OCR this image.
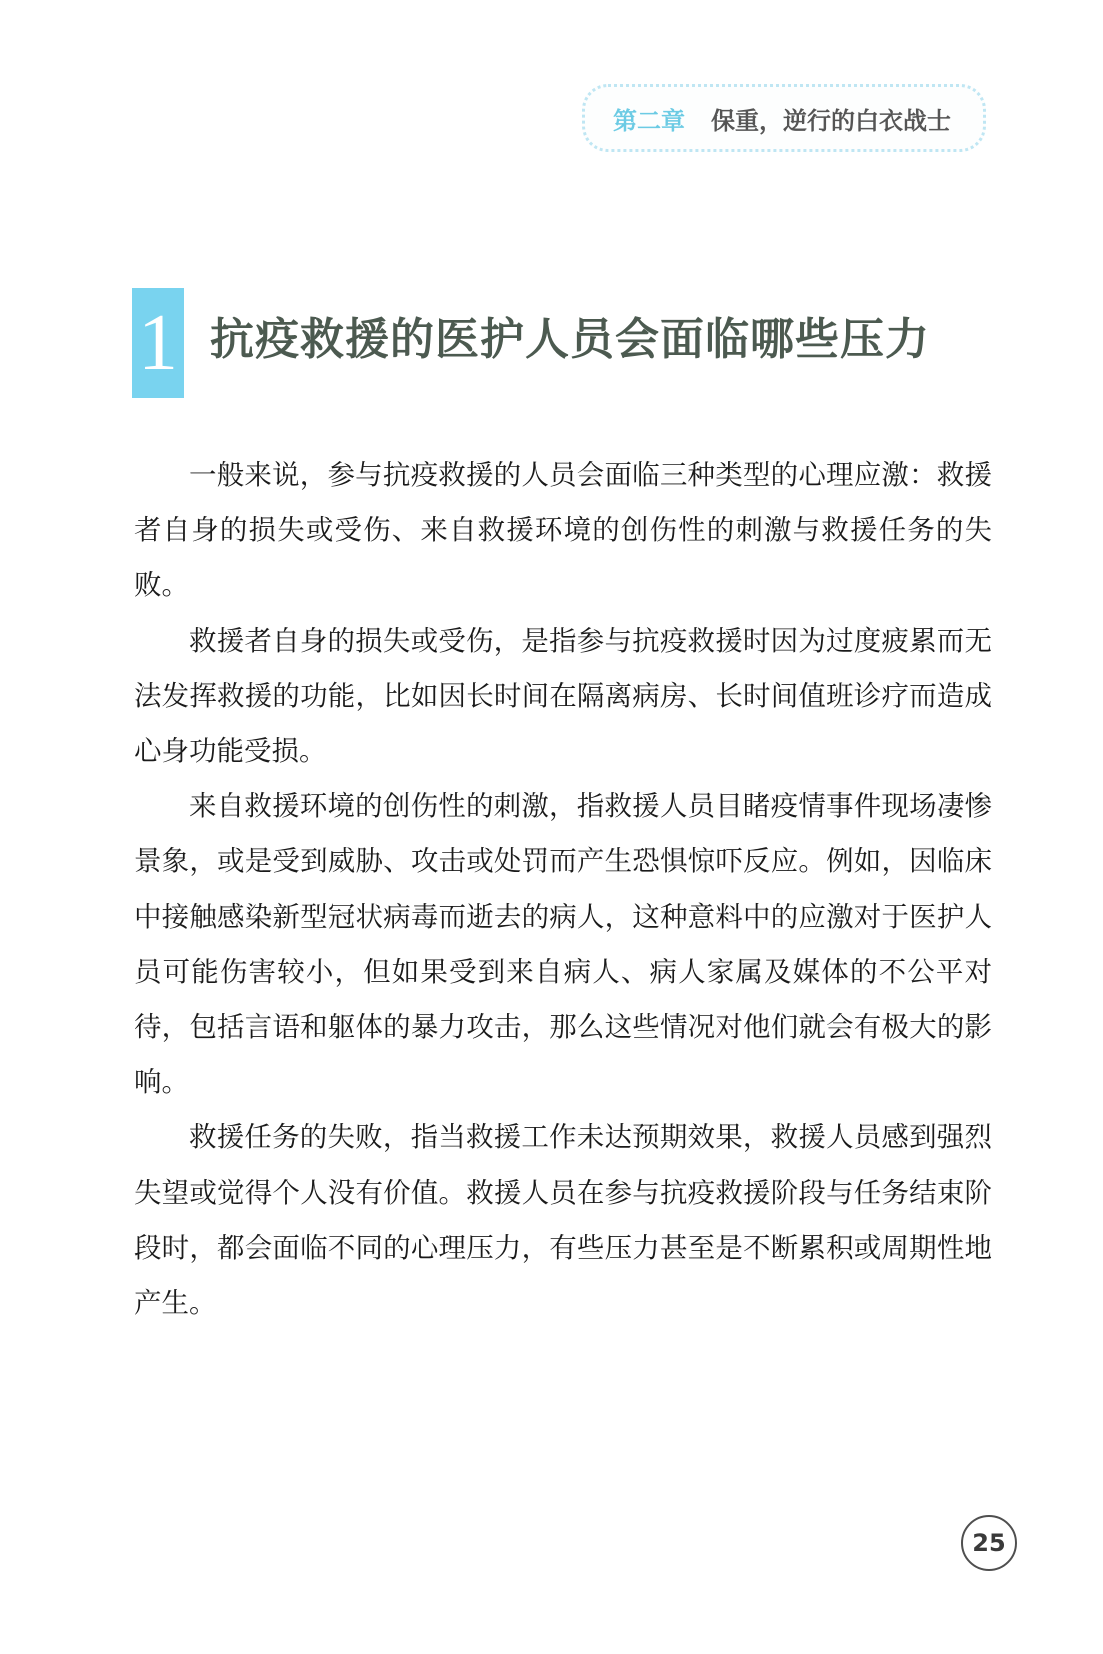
第二章 保重，逆行的白衣战士
1 抗疫救援的医护人员会面临哪些压力

一般来说，参与抗疫救援的人员会面临三种类型的心理应激：救援者自身的损失或受伤、来自救援环境的创伤性的刺激与救援任务的失败。

救援者自身的损失或受伤，是指参与抗疫救援时因为过度疲累而无法发挥救援的功能，比如因长时间在隔离病房、长时间值班诊疗而造成心身功能受损。

来自救援环境的创伤性的刺激，指救援人员目睹疫情事件现场凄惨景象，或是受到威胁、攻击或处罚而产生恐惧惊吓反应。例如，因临床中接触感染新型冠状病毒而逝去的病人，这种意料中的应激对于医护人员可能伤害较小，但如果受到来自病人、病人家属及媒体的不公平对待，包括言语和躯体的暴力攻击，那么这些情况对他们就会有极大的影响。

救援任务的失败，指当救援工作未达预期效果，救援人员感到强烈失望或觉得个人没有价值。救援人员在参与抗疫救援阶段与任务结束阶段时，都会面临不同的心理压力，有些压力甚至是不断累积或周期性地产生。

25
